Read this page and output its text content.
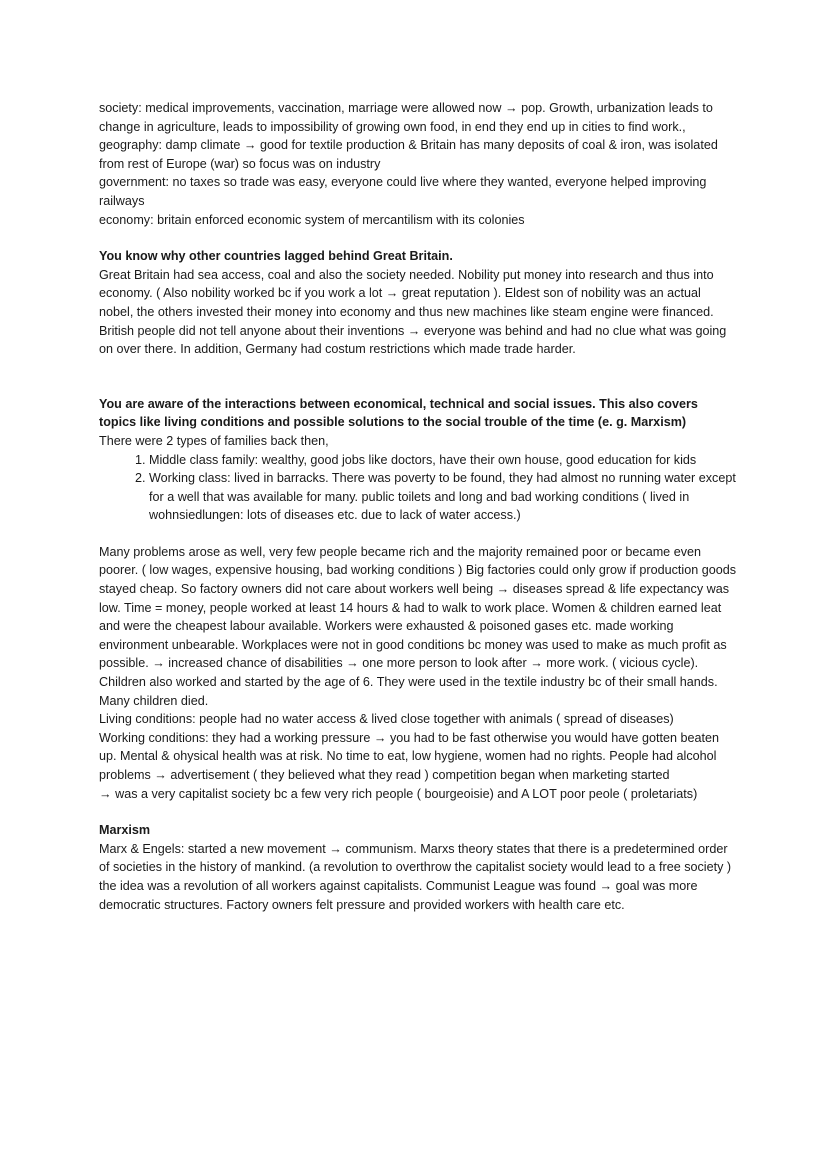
society: medical improvements, vaccination, marriage were allowed now → pop. Growth, urbanization leads to change in agriculture, leads to impossibility of growing own food, in end they end up in cities to find work.,

geography: damp climate → good for textile production & Britain has many deposits of coal & iron, was isolated from rest of Europe (war) so focus was on industry

government: no taxes so trade was easy, everyone could live where they wanted, everyone helped improving railways

economy: britain enforced economic system of mercantilism with its colonies

You know why other countries lagged behind Great Britain.

Great Britain had sea access, coal and also the society needed. Nobility put money into research and thus into economy. ( Also nobility worked bc if you work a lot → great reputation ). Eldest son of nobility was an actual nobel, the others invested their money into economy and thus new machines like steam engine were financed. British people did not tell anyone about their inventions → everyone was behind and had no clue what was going on over there. In addition, Germany had costum restrictions which made trade harder.

You are aware of the interactions between economical, technical and social issues. This also covers topics like living conditions and possible solutions to the social trouble of the time (e. g. Marxism)

There were 2 types of families back then,

1. Middle class family: wealthy, good jobs like doctors, have their own house, good education for kids
2. Working class: lived in barracks. There was poverty to be found, they had almost no running water except for a well that was available for many. public toilets and long and bad working conditions ( lived in wohnsiedlungen: lots of diseases etc. due to lack of water access.)

Many problems arose as well, very few people became rich and the majority remained poor or became even poorer. ( low wages, expensive housing, bad working conditions ) Big factories could only grow if production goods stayed cheap. So factory owners did not care about workers well being → diseases spread & life expectancy was low. Time = money, people worked at least 14 hours & had to walk to work place. Women & children earned leat and were the cheapest labour available. Workers were exhausted & poisoned gases etc. made working environment unbearable. Workplaces were not in good conditions bc money was used to make as much profit as possible. → increased chance of disabilities → one more person to look after → more work. ( vicious cycle). Children also worked and started by the age of 6. They were used in the textile industry bc of their small hands. Many children died.

Living conditions: people had no water access & lived close together with animals ( spread of diseases)

Working conditions: they had a working pressure → you had to be fast otherwise you would have gotten beaten up. Mental & ohysical health was at risk. No time to eat, low hygiene, women had no rights. People had alcohol problems → advertisement ( they believed what they read ) competition began when marketing started

→ was a very capitalist society bc a few very rich people ( bourgeoisie) and A LOT poor peole ( proletariats)

Marxism

Marx & Engels: started a new movement → communism. Marxs theory states that there is a predetermined order of societies in the history of mankind. (a revolution to overthrow the capitalist society would lead to a free society ) the idea was a revolution of all workers against capitalists. Communist League was found → goal was more democratic structures. Factory owners felt pressure and provided workers with health care etc.
